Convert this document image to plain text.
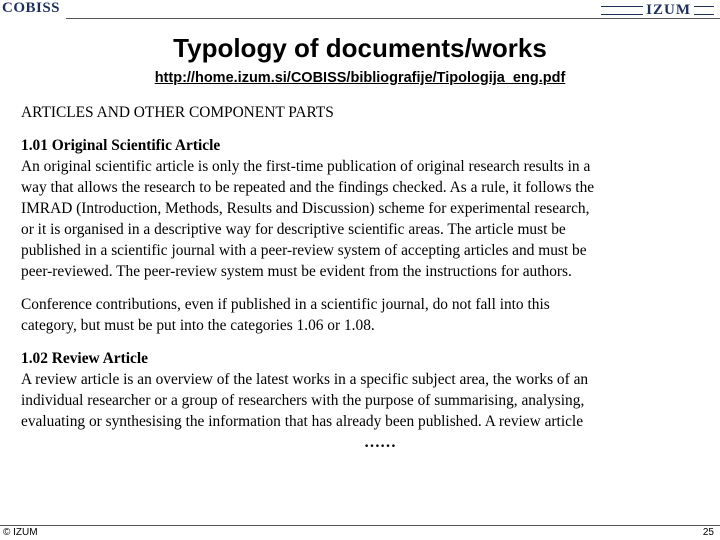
COBISS	IZUM
Typology of documents/works
http://home.izum.si/COBISS/bibliografije/Tipologija_eng.pdf

ARTICLES AND OTHER COMPONENT PARTS

1.01 Original Scientific Article

An original scientific article is only the first-time publication of original research results in a

way that allows the research to be repeated and the findings checked. As a rule, it follows the

IMRAD (Introduction, Methods, Results and Discussion) scheme for experimental research,

or it is organised in a descriptive way for descriptive scientific areas. The article must be

published in a scientific journal with a peer-review system of accepting articles and must be

peer-reviewed. The peer-review system must be evident from the instructions for authors.

Conference contributions, even if published in a scientific journal, do not fall into this

category, but must be put into the categories 1.06 or 1.08.

1.02 Review Article

A review article is an overview of the latest works in a specific subject area, the works of an

individual researcher or a group of researchers with the purpose of summarising, analysing,

evaluating or synthesising the information that has already been published. A review article

……

© IZUM	25
